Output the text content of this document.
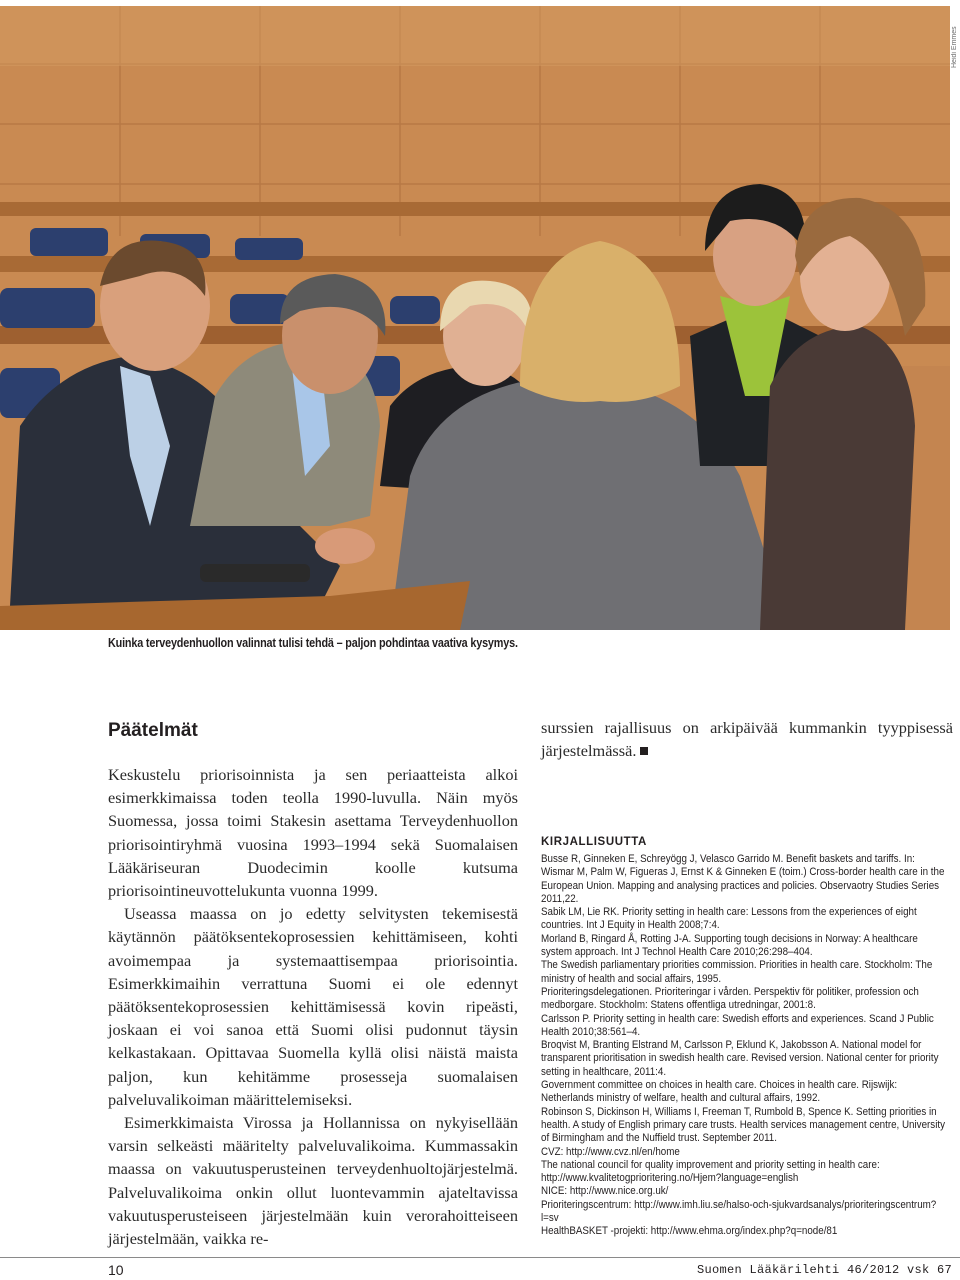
Heidi Emmes
Kuinka terveydenhuollon valinnat tulisi tehdä – paljon pohdintaa vaativa kysymys.
Päätelmät

Keskustelu priorisoinnista ja sen periaatteista alkoi esimerkkimaissa toden teolla 1990-luvulla. Näin myös Suomessa, jossa toimi Stakesin asettama Terveydenhuollon priorisointiryhmä vuosina 1993–1994 sekä Suomalaisen Lääkäriseuran Duodecimin koolle kutsuma priorisointineuvottelukunta vuonna 1999.

Useassa maassa on jo edetty selvitysten tekemisestä käytännön päätöksentekoprosessien kehittämiseen, kohti avoimempaa ja systemaattisempaa priorisointia. Esimerkkimaihin verrattuna Suomi ei ole edennyt päätöksentekoprosessien kehittämisessä kovin ripeästi, joskaan ei voi sanoa että Suomi olisi pudonnut täysin kelkastakaan. Opittavaa Suomella kyllä olisi näistä maista paljon, kun kehitämme prosesseja suomalaisen palveluvalikoiman määrittelemiseksi.

Esimerkkimaista Virossa ja Hollannissa on nykyisellään varsin selkeästi määritelty palveluvalikoima. Kummassakin maassa on vakuutusperusteinen terveydenhuoltojärjestelmä. Palveluvalikoima onkin ollut luontevammin ajateltavissa vakuutusperusteiseen järjestelmään kuin verorahoitteiseen järjestelmään, vaikka re-

surssien rajallisuus on arkipäivää kummankin tyyppisessä järjestelmässä.
KIRJALLISUUTTA
Busse R, Ginneken E, Schreyögg J, Velasco Garrido M. Benefit baskets and tariffs. In: Wismar M, Palm W, Figueras J, Ernst K & Ginneken E (toim.) Cross-border health care in the European Union. Mapping and analysing practices and policies. Observaotry Studies Series 2011,22.
Sabik LM, Lie RK. Priority setting in health care: Lessons from the experiences of eight countries. Int J Equity in Health 2008;7:4.
Morland B, Ringard Å, Rotting J-A. Supporting tough decisions in Norway: A healthcare system approach. Int J Technol Health Care 2010;26:298–404.
The Swedish parliamentary priorities commission. Priorities in health care. Stockholm: The ministry of health and social affairs, 1995.
Prioriteringsdelegationen. Prioriteringar i vården. Perspektiv för politiker, profession och medborgare. Stockholm: Statens offentliga utredningar, 2001:8.
Carlsson P. Priority setting in health care: Swedish efforts and experiences. Scand J Public Health 2010;38:561–4.
Broqvist M, Branting Elstrand M, Carlsson P, Eklund K, Jakobsson A. National model for transparent prioritisation in swedish health care. Revised version. National center for priority setting in healthcare, 2011:4.
Government committee on choices in health care. Choices in health care. Rijswijk: Netherlands ministry of welfare, health and cultural affairs, 1992.
Robinson S, Dickinson H, Williams I, Freeman T, Rumbold B, Spence K. Setting priorities in health. A study of English primary care trusts. Health services management centre, University of Birmingham and the Nuffield trust. September 2011.
CVZ: http://www.cvz.nl/en/home
The national council for quality improvement and priority setting in health care: http://www.kvalitetogprioritering.no/Hjem?language=english
NICE: http://www.nice.org.uk/
Prioriteringscentrum: http://www.imh.liu.se/halso-och-sjukvardsanalys/prioriteringscentrum?l=sv
HealthBASKET -projekti: http://www.ehma.org/index.php?q=node/81
10	Suomen Lääkärilehti 46/2012 vsk 67
